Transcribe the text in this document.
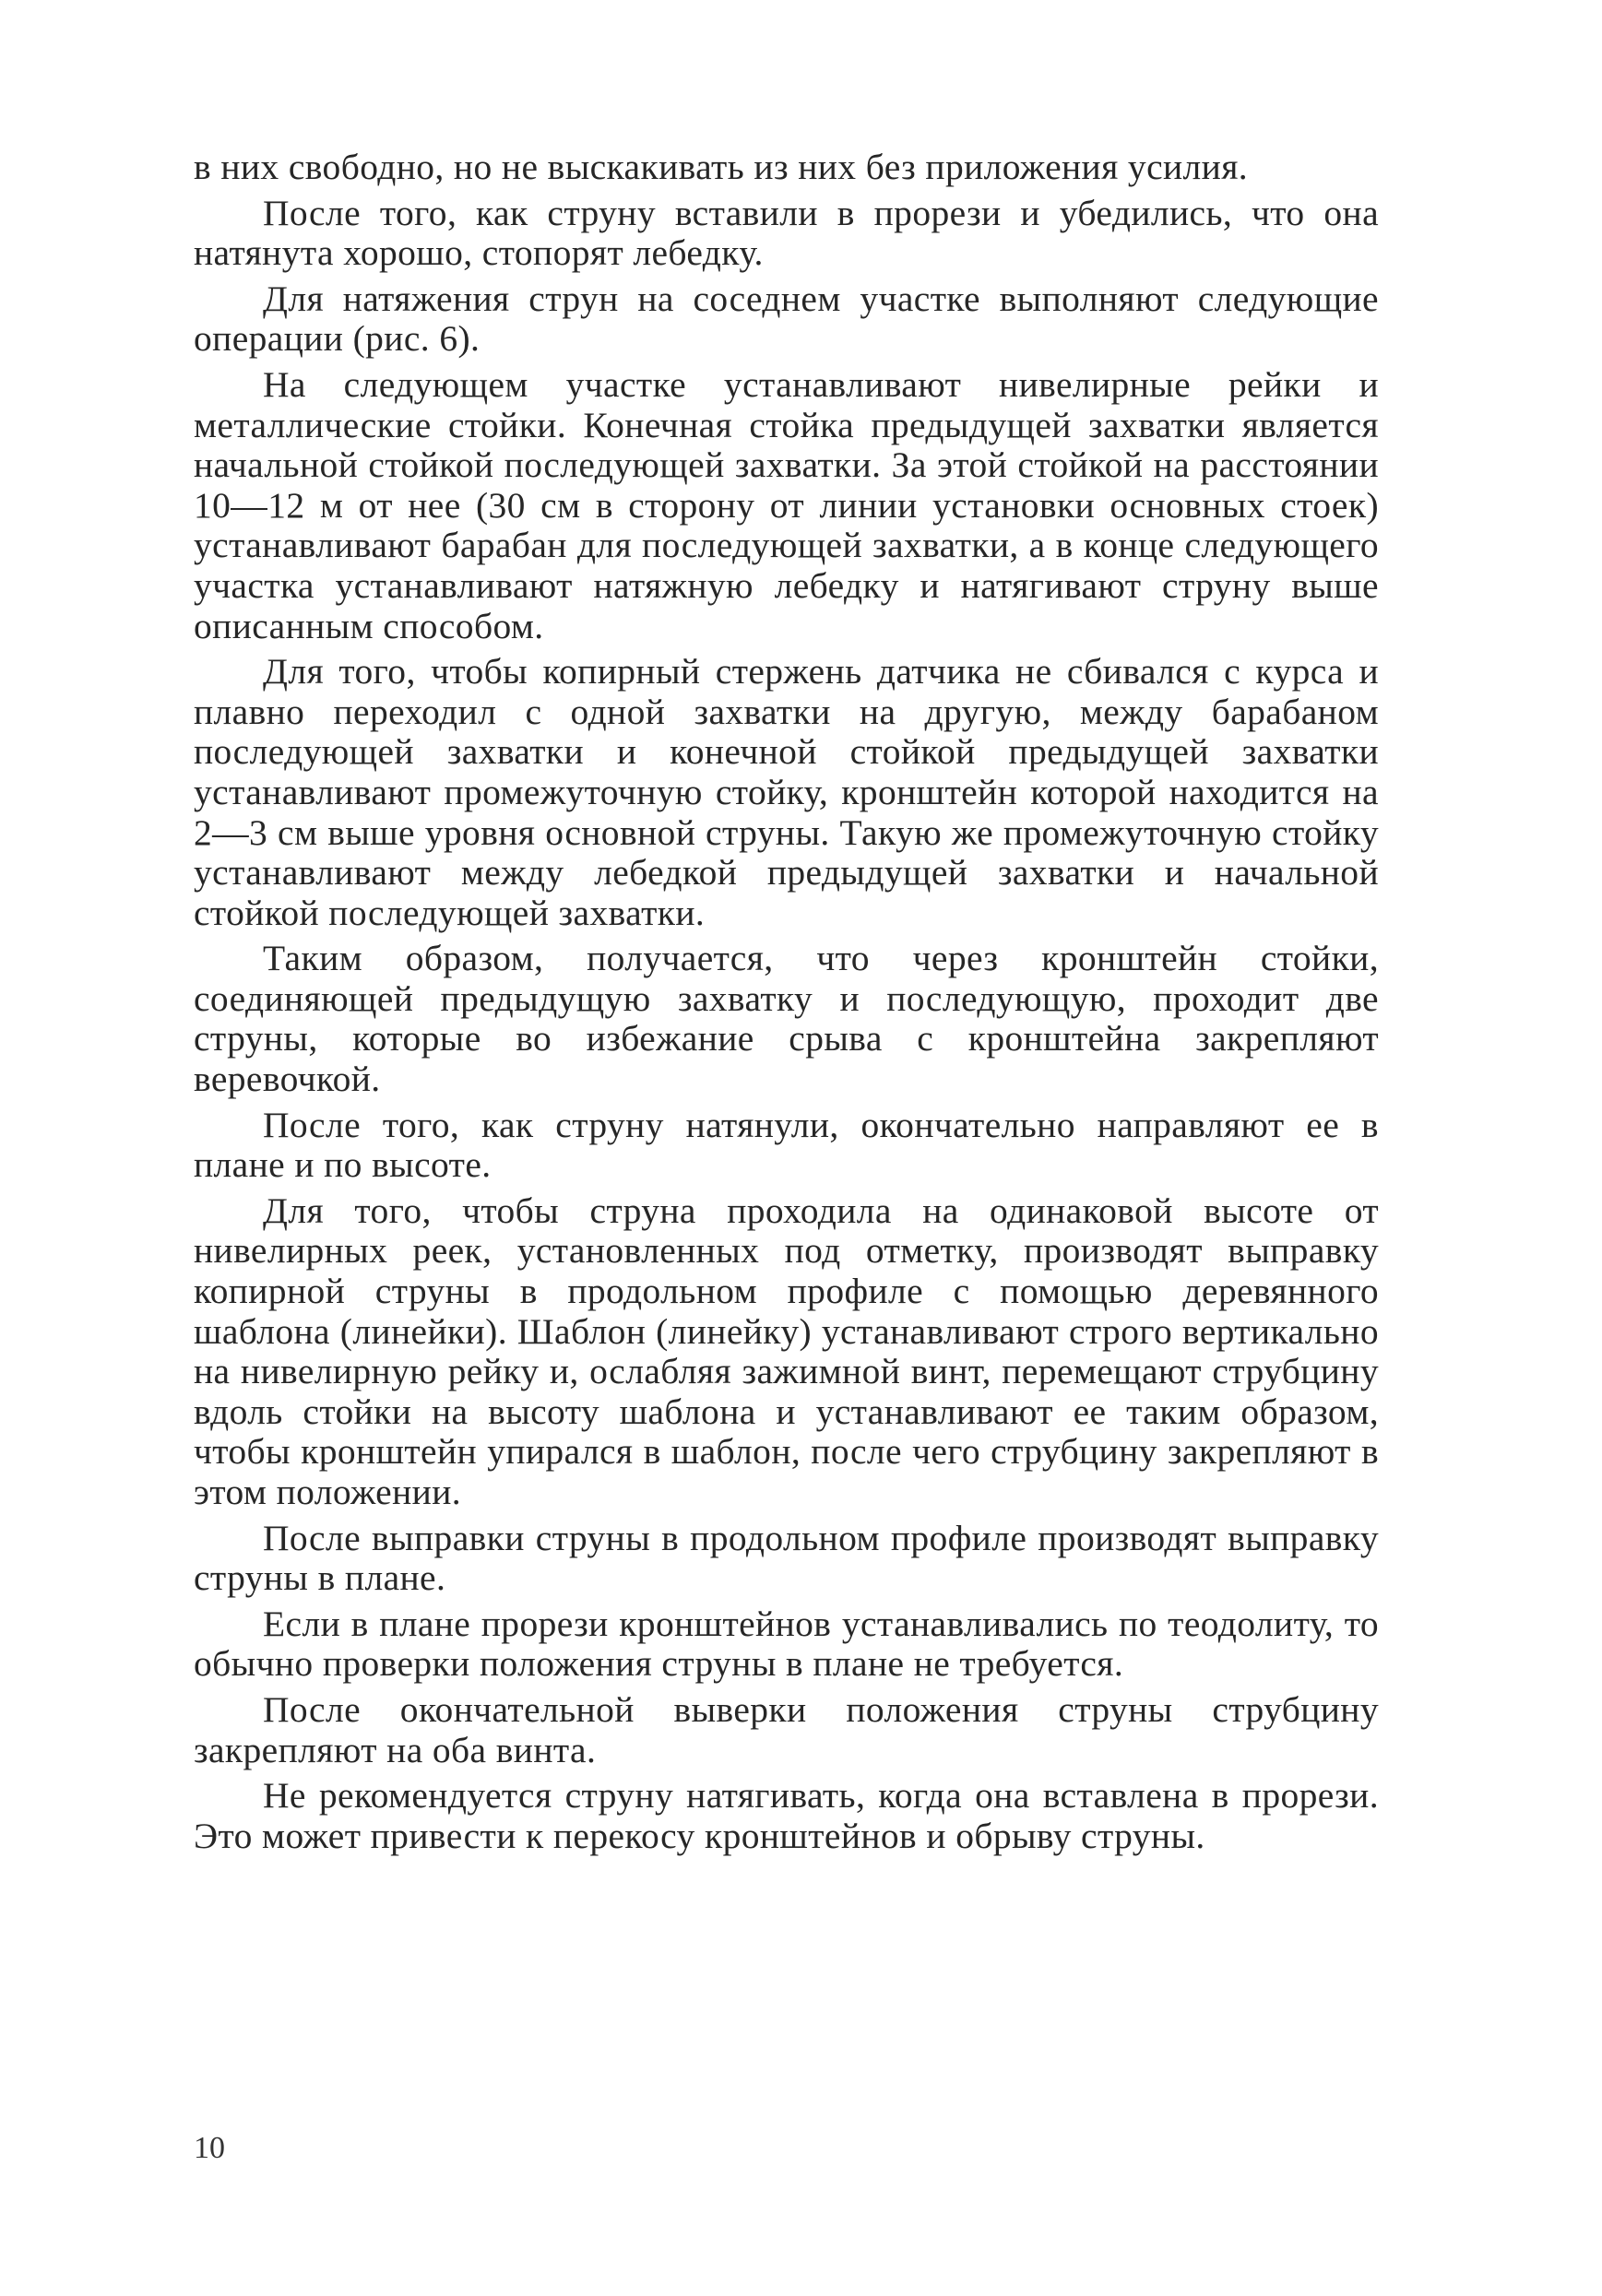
в них свободно, но не выскакивать из них без приложения усилия.

После того, как струну вставили в прорези и убедились, что она натянута хорошо, стопорят лебедку.

Для натяжения струн на соседнем участке выполняют следующие операции (рис. 6).

На следующем участке устанавливают нивелирные рейки и металлические стойки. Конечная стойка предыдущей захватки является начальной стойкой последующей захватки. За этой стойкой на расстоянии 10—12 м от нее (30 см в сторону от линии установки основных стоек) устанавливают барабан для последующей захватки, а в конце следующего участка устанавливают натяжную лебедку и натягивают струну выше описанным способом.

Для того, чтобы копирный стержень датчика не сбивался с курса и плавно переходил с одной захватки на другую, между барабаном последующей захватки и конечной стойкой предыдущей захватки устанавливают промежуточную стойку, кронштейн которой находится на 2—3 см выше уровня основной струны. Такую же промежуточную стойку устанавливают между лебедкой предыдущей захватки и начальной стойкой последующей захватки.

Таким образом, получается, что через кронштейн стойки, соединяющей предыдущую захватку и последующую, проходит две струны, которые во избежание срыва с кронштейна закрепляют веревочкой.

После того, как струну натянули, окончательно направляют ее в плане и по высоте.

Для того, чтобы струна проходила на одинаковой высоте от нивелирных реек, установленных под отметку, производят выправку копирной струны в продольном профиле с помощью деревянного шаблона (линейки). Шаблон (линейку) устанавливают строго вертикально на нивелирную рейку и, ослабляя зажимной винт, перемещают струбцину вдоль стойки на высоту шаблона и устанавливают ее таким образом, чтобы кронштейн упирался в шаблон, после чего струбцину закрепляют в этом положении.

После выправки струны в продольном профиле производят выправку струны в плане.

Если в плане прорези кронштейнов устанавливались по теодолиту, то обычно проверки положения струны в плане не требуется.

После окончательной выверки положения струны струбцину закрепляют на оба винта.

Не рекомендуется струну натягивать, когда она вставлена в прорези. Это может привести к перекосу кронштейнов и обрыву струны.

10
